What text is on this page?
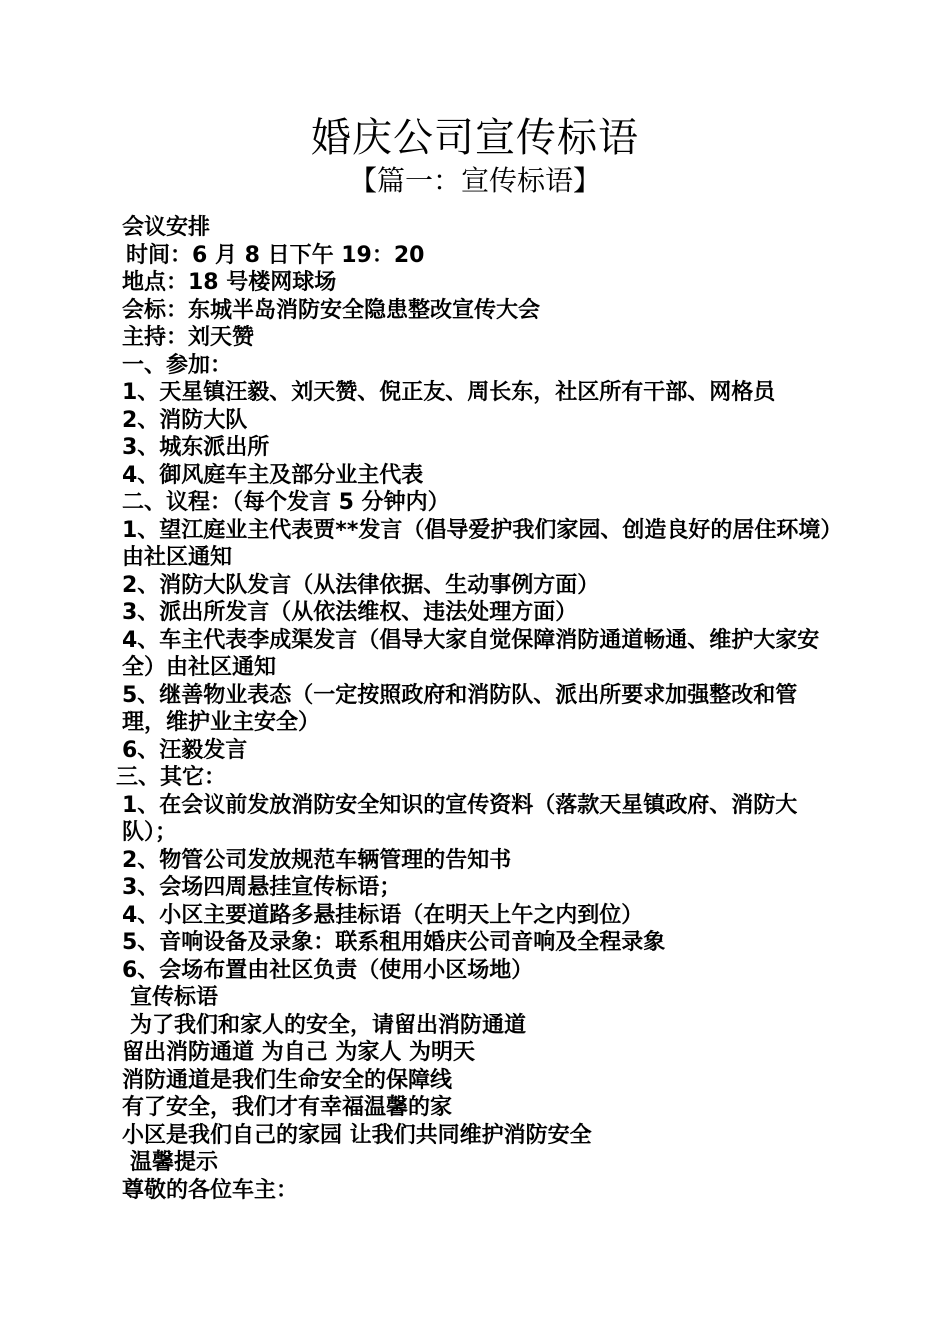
婚庆公司宣传标语
【篇一：宣传标语】
会议安排
时间：6 月 8 日下午 19：20
地点：18 号楼网球场
会标：东城半岛消防安全隐患整改宣传大会
主持：刘天赞
一、参加：
1、天星镇汪毅、刘天赞、倪正友、周长东，社区所有干部、网格员
2、消防大队
3、城东派出所
4、御风庭车主及部分业主代表
二、议程：（每个发言 5 分钟内）
1、望江庭业主代表贾**发言（倡导爱护我们家园、创造良好的居住环境）由社区通知
2、消防大队发言（从法律依据、生动事例方面）
3、派出所发言（从依法维权、违法处理方面）
4、车主代表李成渠发言（倡导大家自觉保障消防通道畅通、维护大家安全）由社区通知
5、继善物业表态（一定按照政府和消防队、派出所要求加强整改和管理，维护业主安全）
6、汪毅发言
三、其它：
1、在会议前发放消防安全知识的宣传资料（落款天星镇政府、消防大队）；
2、物管公司发放规范车辆管理的告知书
3、会场四周悬挂宣传标语；
4、小区主要道路多悬挂标语（在明天上午之内到位）
5、音响设备及录象：联系租用婚庆公司音响及全程录象
6、会场布置由社区负责（使用小区场地）
宣传标语
为了我们和家人的安全，请留出消防通道
留出消防通道 为自己 为家人 为明天
消防通道是我们生命安全的保障线
有了安全，我们才有幸福温馨的家
小区是我们自己的家园 让我们共同维护消防安全
温馨提示
尊敬的各位车主：
